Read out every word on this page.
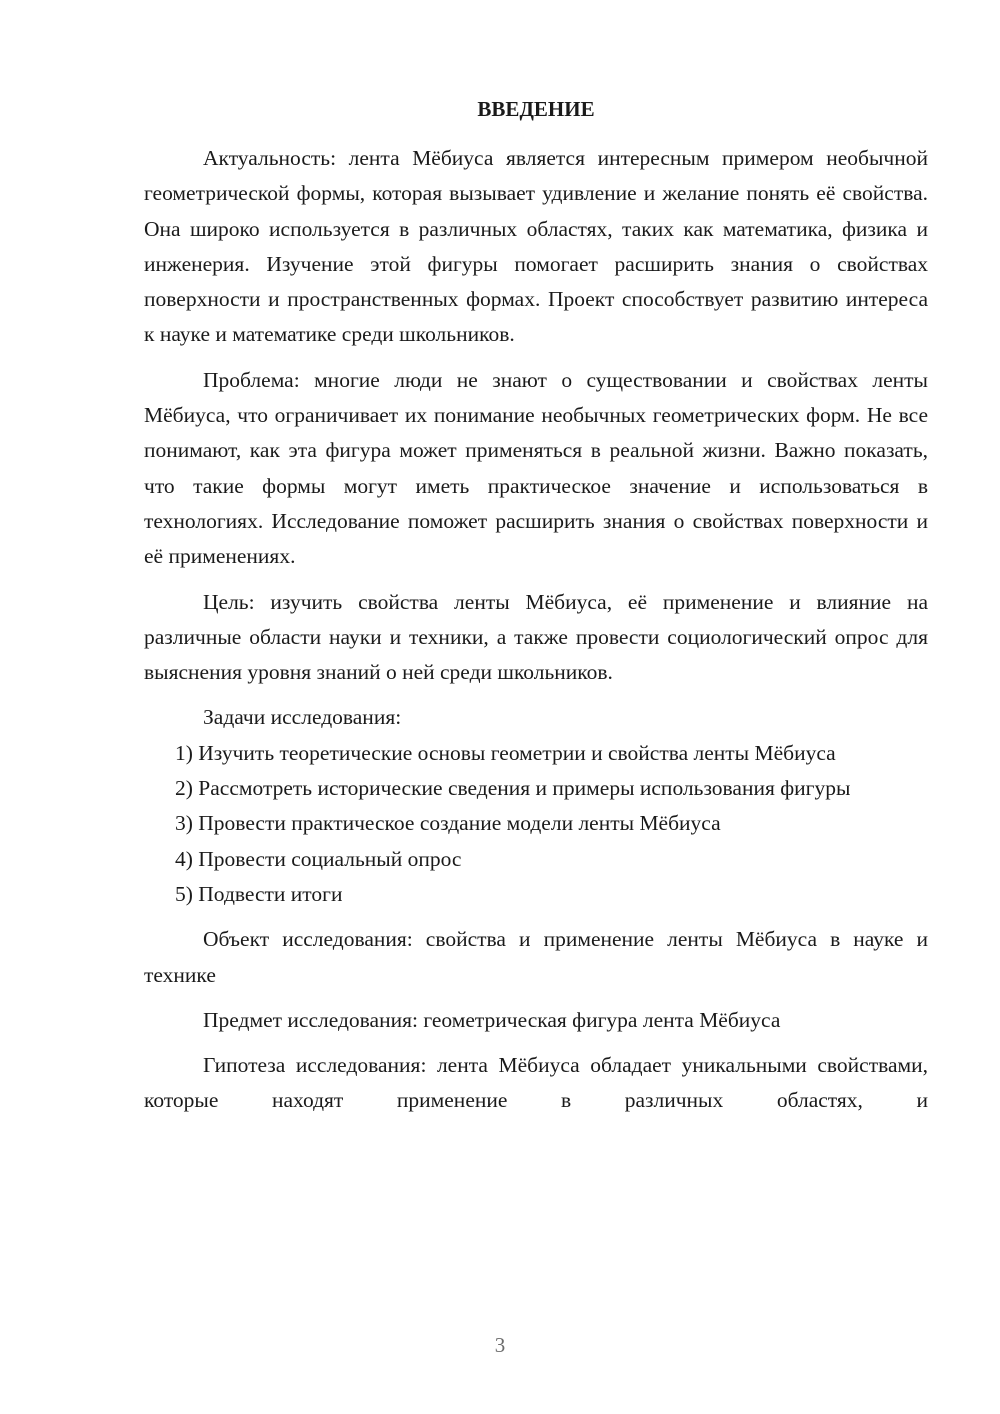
ВВЕДЕНИЕ

Актуальность: лента Мёбиуса является интересным примером необычной геометрической формы, которая вызывает удивление и желание понять её свойства. Она широко используется в различных областях, таких как математика, физика и инженерия. Изучение этой фигуры помогает расширить знания о свойствах поверхности и пространственных формах. Проект способствует развитию интереса к науке и математике среди школьников.

Проблема: многие люди не знают о существовании и свойствах ленты Мёбиуса, что ограничивает их понимание необычных геометрических форм. Не все понимают, как эта фигура может применяться в реальной жизни. Важно показать, что такие формы могут иметь практическое значение и использоваться в технологиях. Исследование поможет расширить знания о свойствах поверхности и её применениях.

Цель: изучить свойства ленты Мёбиуса, её применение и влияние на различные области науки и техники, а также провести социологический опрос для выяснения уровня знаний о ней среди школьников.

Задачи исследования:

1) Изучить теоретические основы геометрии и свойства ленты Мёбиуса

2) Рассмотреть исторические сведения и примеры использования фигуры

3) Провести практическое создание модели ленты Мёбиуса

4) Провести социальный опрос

5) Подвести итоги

Объект исследования: свойства и применение ленты Мёбиуса в науке и технике

Предмет исследования: геометрическая фигура лента Мёбиуса

Гипотеза исследования: лента Мёбиуса обладает уникальными свойствами, которые находят применение в различных областях, и

3
